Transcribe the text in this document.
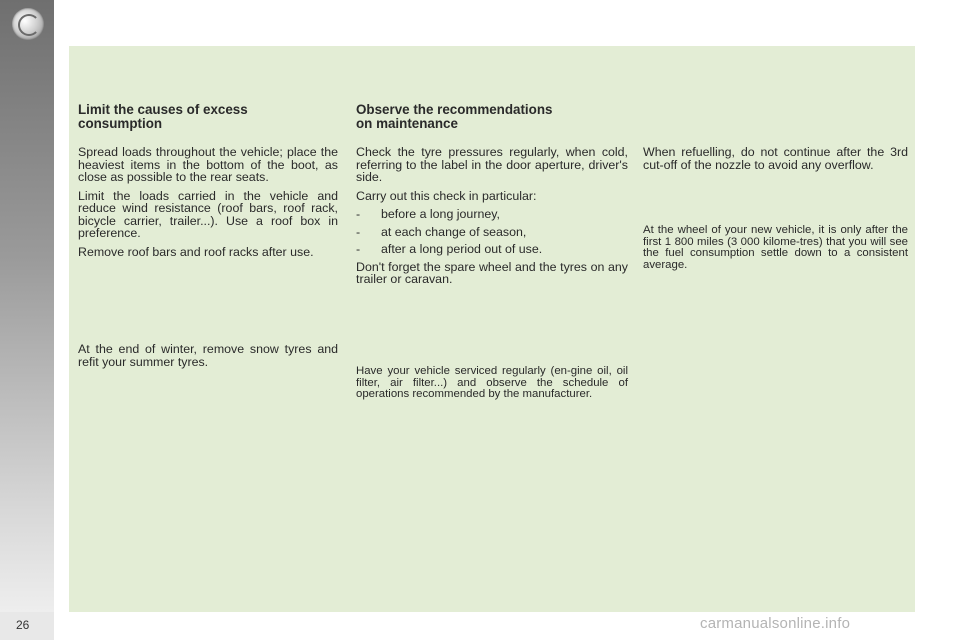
26
Limit the causes of excess
consumption

Spread loads throughout the vehicle; place the heaviest items in the bottom of the boot, as close as possible to the rear seats.

Limit the loads carried in the vehicle and reduce wind resistance (roof bars, roof rack, bicycle carrier, trailer...). Use a roof box in preference.

Remove roof bars and roof racks after use.

At the end of winter, remove snow tyres and refit your summer tyres.

Observe the recommendations
on maintenance

Check the tyre pressures regularly, when cold, referring to the label in the door aperture, driver's side.

Carry out this check in particular:

-	before a long journey,
-	at each change of season,
-	after a long period out of use.

Don't forget the spare wheel and the tyres on any trailer or caravan.

Have your vehicle serviced regularly (en-gine oil, oil filter, air filter...) and observe the schedule of operations recommended by the manufacturer.

When refuelling, do not continue after the 3rd cut-off of the nozzle to avoid any overflow.

At the wheel of your new vehicle, it is only after the first 1 800 miles (3 000 kilome-tres) that you will see the fuel consumption settle down to a consistent average.

carmanualsonline.info
